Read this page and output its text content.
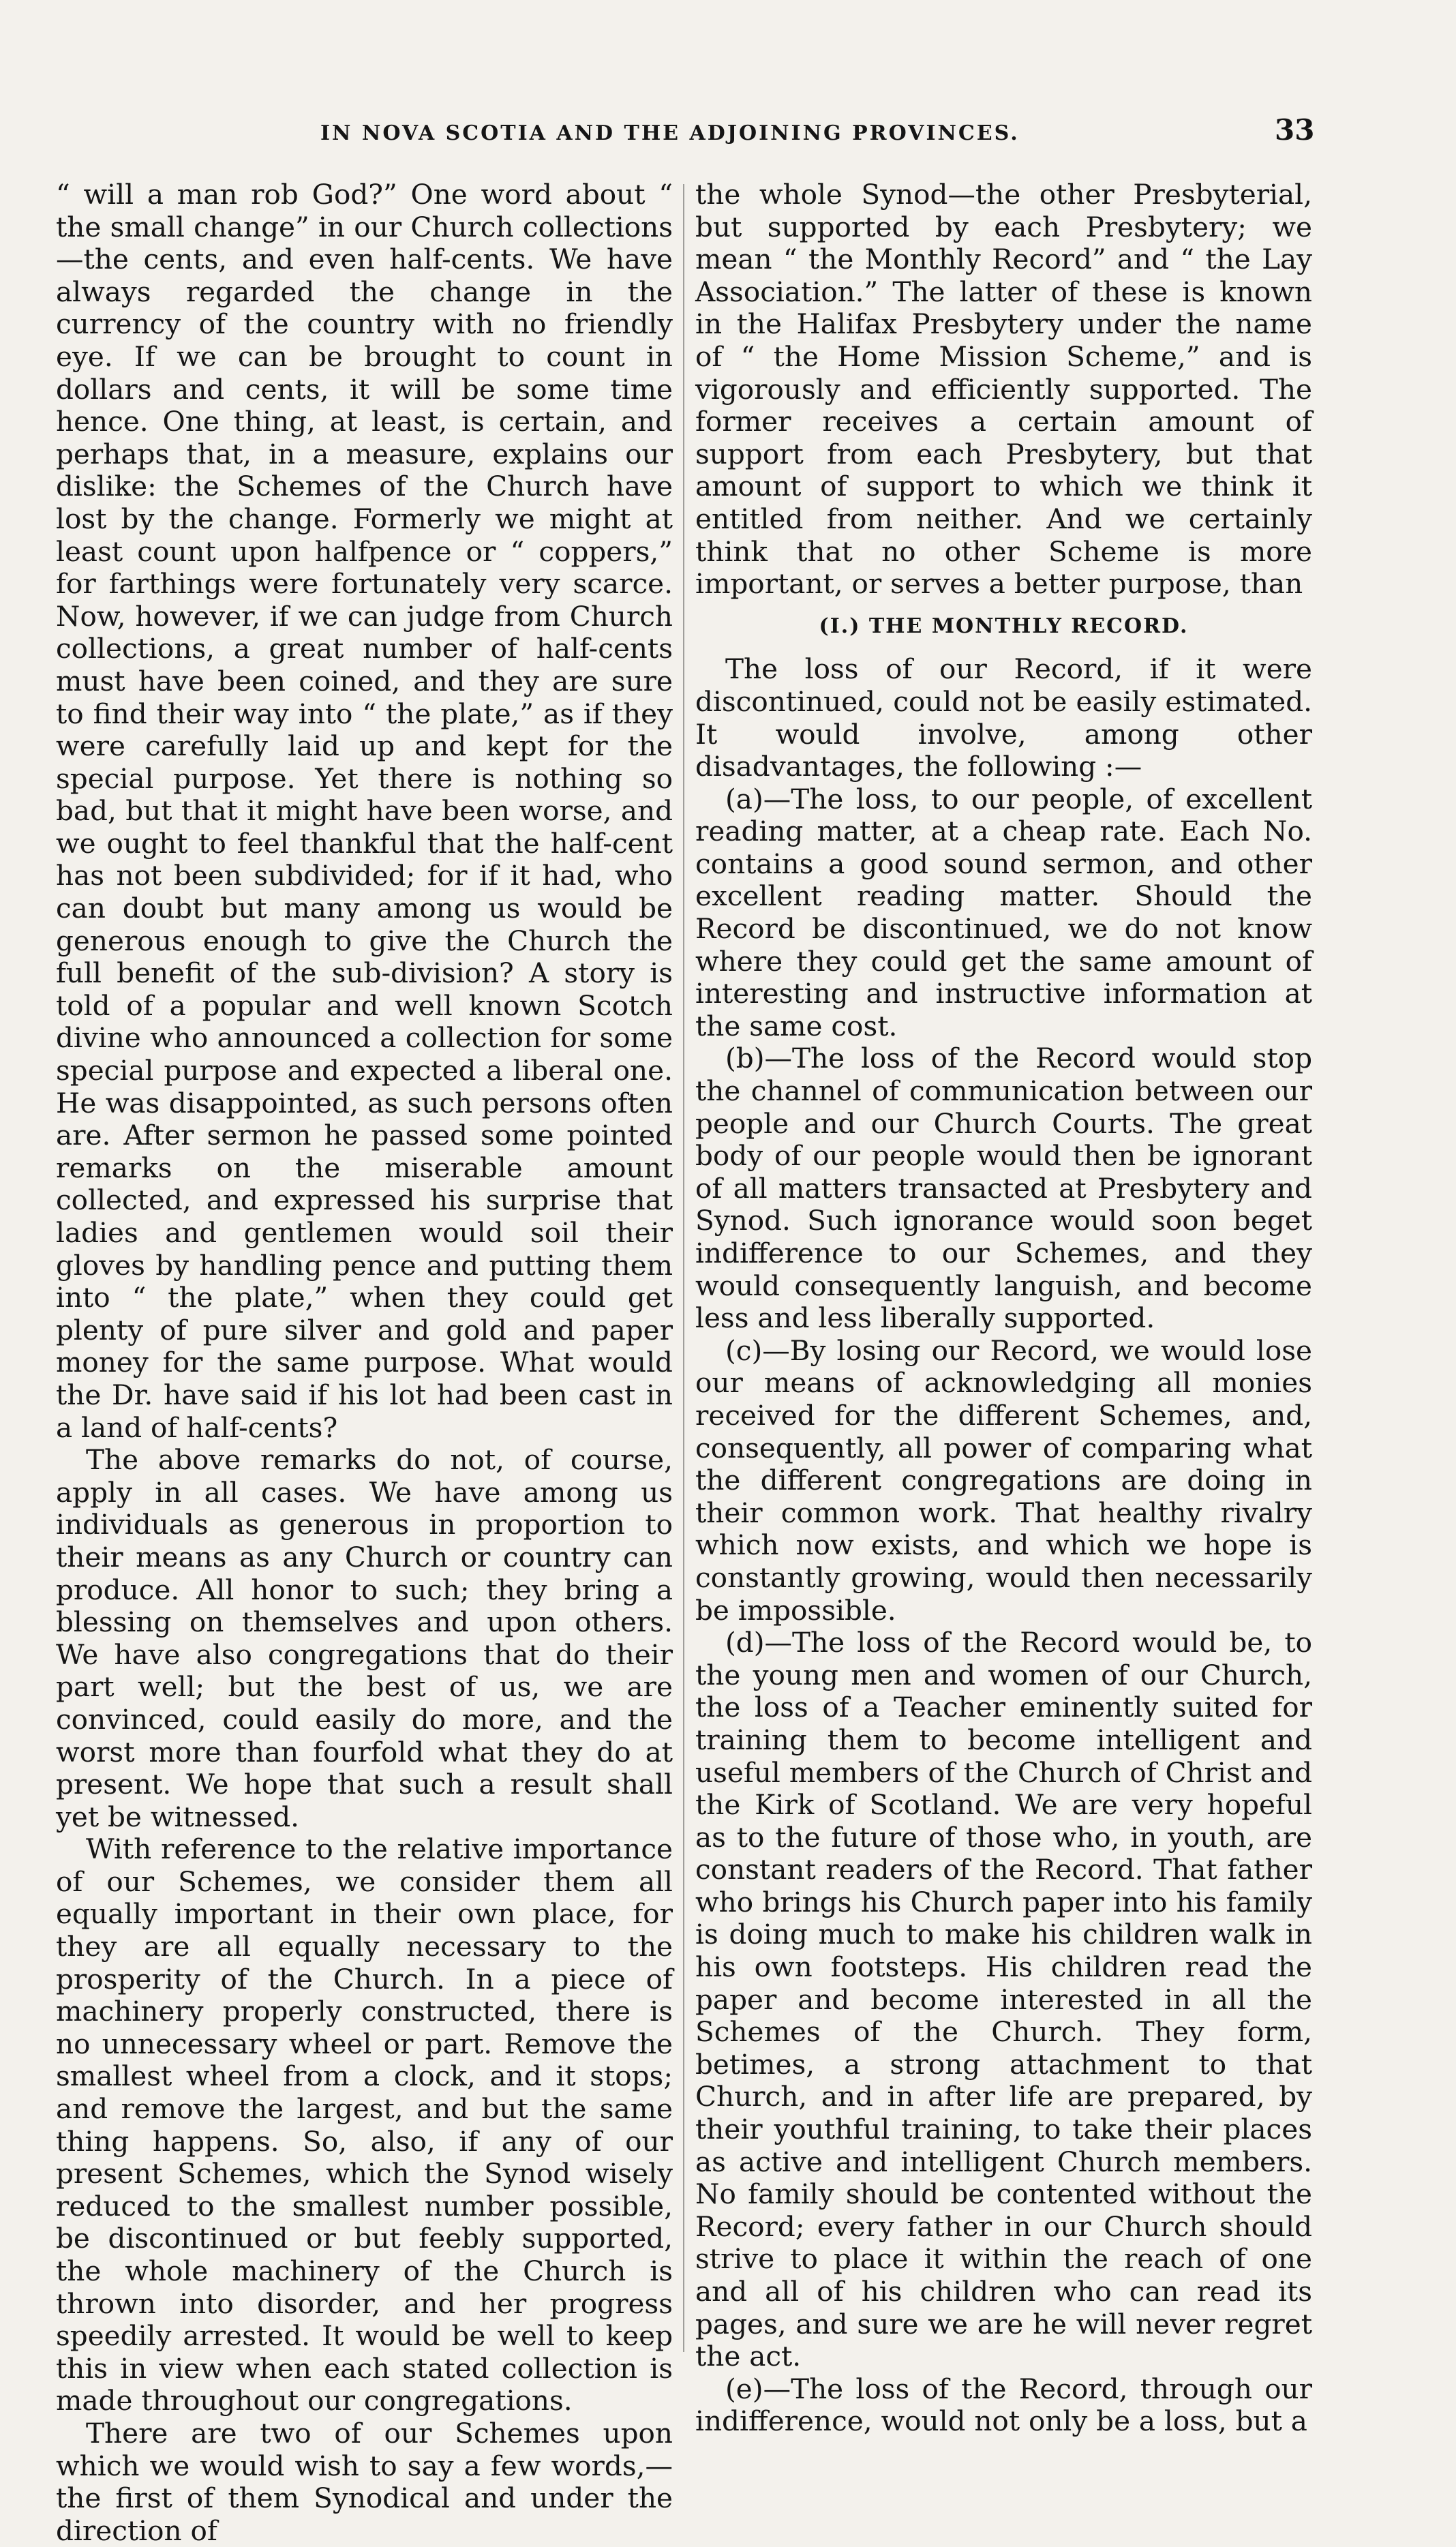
IN NOVA SCOTIA AND THE ADJOINING PROVINCES.	33

“ will a man rob God?” One word about “ the small change” in our Church collections—the cents, and even half-cents. We have always regarded the change in the currency of the country with no friendly eye. If we can be brought to count in dollars and cents, it will be some time hence. One thing, at least, is certain, and perhaps that, in a measure, explains our dislike: the Schemes of the Church have lost by the change. Formerly we might at least count upon halfpence or “ coppers,” for farthings were fortunately very scarce. Now, however, if we can judge from Church collections, a great number of half-cents must have been coined, and they are sure to find their way into “ the plate,” as if they were carefully laid up and kept for the special purpose. Yet there is nothing so bad, but that it might have been worse, and we ought to feel thankful that the half-cent has not been subdivided; for if it had, who can doubt but many among us would be generous enough to give the Church the full benefit of the sub-division? A story is told of a popular and well known Scotch divine who announced a collection for some special purpose and expected a liberal one. He was disappointed, as such persons often are. After sermon he passed some pointed remarks on the miserable amount collected, and expressed his surprise that ladies and gentlemen would soil their gloves by handling pence and putting them into “ the plate,” when they could get plenty of pure silver and gold and paper money for the same purpose. What would the Dr. have said if his lot had been cast in a land of half-cents?

The above remarks do not, of course, apply in all cases. We have among us individuals as generous in proportion to their means as any Church or country can produce. All honor to such; they bring a blessing on themselves and upon others. We have also congregations that do their part well; but the best of us, we are convinced, could easily do more, and the worst more than fourfold what they do at present. We hope that such a result shall yet be witnessed.

With reference to the relative importance of our Schemes, we consider them all equally important in their own place, for they are all equally necessary to the prosperity of the Church. In a piece of machinery properly constructed, there is no unnecessary wheel or part. Remove the smallest wheel from a clock, and it stops; and remove the largest, and but the same thing happens. So, also, if any of our present Schemes, which the Synod wisely reduced to the smallest number possible, be discontinued or but feebly supported, the whole machinery of the Church is thrown into disorder, and her progress speedily arrested. It would be well to keep this in view when each stated collection is made throughout our congregations.

There are two of our Schemes upon which we would wish to say a few words,—the first of them Synodical and under the direction of

the whole Synod—the other Presbyterial, but supported by each Presbytery; we mean “ the Monthly Record” and “ the Lay Association.” The latter of these is known in the Halifax Presbytery under the name of “ the Home Mission Scheme,” and is vigorously and efficiently supported. The former receives a certain amount of support from each Presbytery, but that amount of support to which we think it entitled from neither. And we certainly think that no other Scheme is more important, or serves a better purpose, than

(I.) THE MONTHLY RECORD.

The loss of our Record, if it were discontinued, could not be easily estimated. It would involve, among other disadvantages, the following :—

(a)—The loss, to our people, of excellent reading matter, at a cheap rate. Each No. contains a good sound sermon, and other excellent reading matter. Should the Record be discontinued, we do not know where they could get the same amount of interesting and instructive information at the same cost.

(b)—The loss of the Record would stop the channel of communication between our people and our Church Courts. The great body of our people would then be ignorant of all matters transacted at Presbytery and Synod. Such ignorance would soon beget indifference to our Schemes, and they would consequently languish, and become less and less liberally supported.

(c)—By losing our Record, we would lose our means of acknowledging all monies received for the different Schemes, and, consequently, all power of comparing what the different congregations are doing in their common work. That healthy rivalry which now exists, and which we hope is constantly growing, would then necessarily be impossible.

(d)—The loss of the Record would be, to the young men and women of our Church, the loss of a Teacher eminently suited for training them to become intelligent and useful members of the Church of Christ and the Kirk of Scotland. We are very hopeful as to the future of those who, in youth, are constant readers of the Record. That father who brings his Church paper into his family is doing much to make his children walk in his own footsteps. His children read the paper and become interested in all the Schemes of the Church. They form, betimes, a strong attachment to that Church, and in after life are prepared, by their youthful training, to take their places as active and intelligent Church members. No family should be contented without the Record; every father in our Church should strive to place it within the reach of one and all of his children who can read its pages, and sure we are he will never regret the act.

(e)—The loss of the Record, through our indifference, would not only be a loss, but a
